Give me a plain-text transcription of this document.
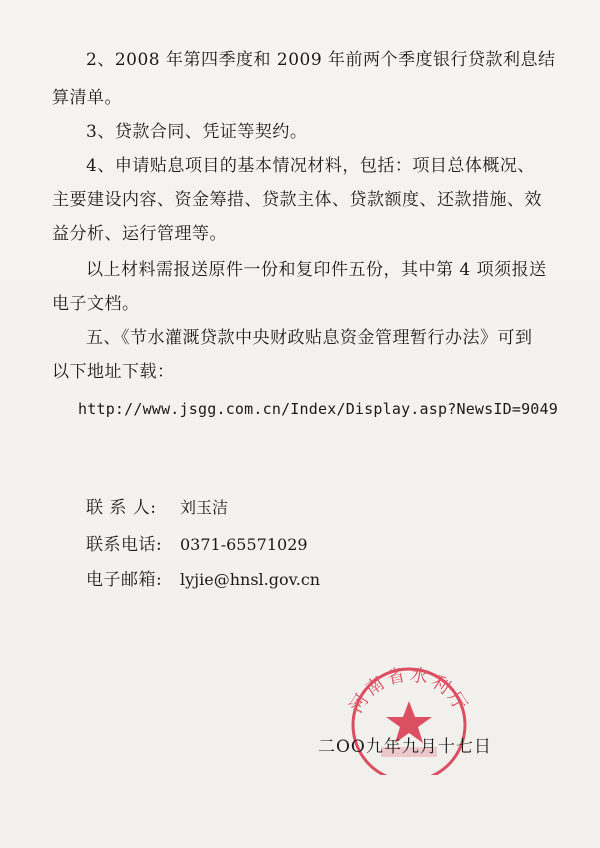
2、2008 年第四季度和 2009 年前两个季度银行贷款利息结
算清单。
3、贷款合同、凭证等契约。
4、申请贴息项目的基本情况材料，包括：项目总体概况、
主要建设内容、资金筹措、贷款主体、贷款额度、还款措施、效
益分析、运行管理等。
以上材料需报送原件一份和复印件五份，其中第 4 项须报送
电子文档。
五、《节水灌溉贷款中央财政贴息资金管理暂行办法》可到
以下地址下载：
http://www.jsgg.com.cn/Index/Display.asp?NewsID=9049
联 系 人: 刘玉洁
联系电话: 0371-65571029
电子邮箱: lyjie@hnsl.gov.cn
河南省水利厅
二OO九年九月十七日
